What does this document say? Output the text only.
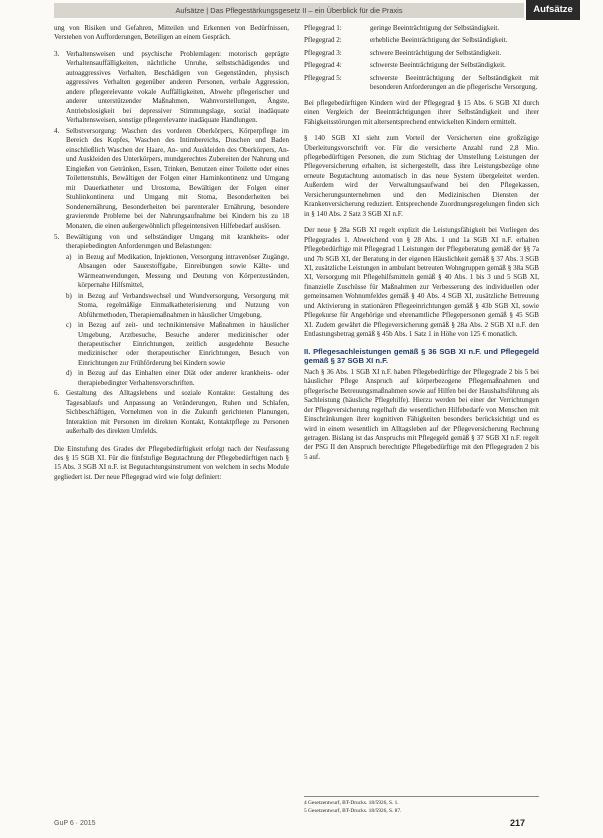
Aufsätze | Das Pflegestärkungsgesetz II – ein Überblick für die Praxis	Aufsätze

ung von Risiken und Gefahren, Mitteilen und Erkennen von Bedürfnissen, Verstehen von Aufforderungen, Beteiligen an einem Gespräch.

3. Verhaltensweisen und psychische Problemlagen: motorisch geprägte Verhaltensauffälligkeiten, nächtliche Unruhe, selbstschädigendes und autoaggressives Verhalten, Beschädigen von Gegenständen, physisch aggressives Verhalten gegenüber anderen Personen, verbale Aggression, andere pflegerelevante vokale Auffälligkeiten, Abwehr pflegerischer und anderer unterstützender Maßnahmen, Wahnvorstellungen, Ängste, Antriebslosigkeit bei depressiver Stimmungslage, sozial inadäquate Verhaltensweisen, sonstige pflegerelevante inadäquate Handlungen.
4. Selbstversorgung: Waschen des vorderen Oberkörpers, Körperpflege im Bereich des Kopfes, Waschen des Intimbereichs, Duschen und Baden einschließlich Waschen der Haare, An- und Auskleiden des Oberkörpers, An- und Auskleiden des Unterkörpers, mundgerechtes Zubereiten der Nahrung und Eingießen von Getränken, Essen, Trinken, Benutzen einer Toilette oder eines Toilettenstuhls, Bewältigen der Folgen einer Harninkontinenz und Umgang mit Dauerkatheter und Urostoma, Bewältigen der Folgen einer Stuhlinkontinenz und Umgang mit Stoma, Besonderheiten bei Sondenernährung, Besonderheiten bei parenteraler Ernährung, besondere gravierende Probleme bei der Nahrungsaufnahme bei Kindern bis zu 18 Monaten, die einen außergewöhnlich pflegeintensiven Hilfebedarf auslösen.
5. Bewältigung von und selbständiger Umgang mit krankheits- oder therapiebedingten Anforderungen und Belastungen:
a) in Bezug auf Medikation, Injektionen, Versorgung intravenöser Zugänge, Absaugen oder Sauerstoffgabe, Einreibungen sowie Kälte- und Wärmeanwendungen, Messung und Deutung von Körperzuständen, körpernahe Hilfsmittel,
b) in Bezug auf Verbandswechsel und Wundversorgung, Versorgung mit Stoma, regelmäßige Einmalkatheterisierung und Nutzung von Abführmethoden, Therapiemaßnahmen in häuslicher Umgebung,
c) in Bezug auf zeit- und technikintensive Maßnahmen in häuslicher Umgebung, Arztbesuche, Besuche anderer medizinischer oder therapeutischer Einrichtungen, zeitlich ausgedehnte Besuche medizinischer oder therapeutischer Einrichtungen, Besuch von Einrichtungen zur Frühförderung bei Kindern sowie
d) in Bezug auf das Einhalten einer Diät oder anderer krankheits- oder therapiebedingter Verhaltensvorschriften.
6. Gestaltung des Alltagslebens und soziale Kontakte: Gestaltung des Tagesablaufs und Anpassung an Veränderungen, Ruhen und Schlafen, Sichbeschäftigen, Vornehmen von in die Zukunft gerichteten Planungen, Interaktion mit Personen im direkten Kontakt, Kontaktpflege zu Personen außerhalb des direkten Umfelds.

Die Einstufung des Grades der Pflegebedürftigkeit erfolgt nach der Neufassung des § 15 SGB XI. Für die fünfstufige Begutachtung der Pflegebedürftigen nach § 15 Abs. 3 SGB XI n.F. ist Begutachtungsinstrument von welchem in sechs Module gegliedert ist. Der neue Pflegegrad wird wie folgt definiert:

Pflegegrad 1:	geringe Beeinträchtigung der Selbständigkeit.
Pflegegrad 2:	erhebliche Beeinträchtigung der Selbständigkeit.
Pflegegrad 3:	schwere Beeinträchtigung der Selbständigkeit.
Pflegegrad 4:	schwerste Beeinträchtigung der Selbständigkeit.
Pflegegrad 5:	schwerste Beeinträchtigung der Selbständigkeit mit besonderen Anforderungen an die pflegerische Versorgung.

Bei pflegebedürftigen Kindern wird der Pflegegrad § 15 Abs. 6 SGB XI durch einen Vergleich der Beeinträchtigungen ihrer Selbständigkeit und ihrer Fähigkeitsstörungen mit altersentsprechend entwickelten Kindern ermittelt.

§ 140 SGB XI sieht zum Vorteil der Versicherten eine großzügige Überleitungsvorschrift vor. Für die versicherte Anzahl rund 2,8 Mio. pflegebedürftigen Personen, die zum Stichtag der Umstellung Leistungen der Pflegeversicherung erhalten, ist sichergestellt, dass ihre Leistungsbezüge ohne erneute Begutachtung automatisch in das neue System übergeleitet werden. Außerdem wird der Verwaltungsaufwand bei den Pflegekassen, Versicherungsunternehmen und den Medizinischen Diensten der Krankenversicherung reduziert. Entsprechende Zuordnungsregelungen finden sich in § 140 Abs. 2 Satz 3 SGB XI n.F.

Der neue § 28a SGB XI regelt explizit die Leistungsfähigkeit bei Vorliegen des Pflegegrades 1. Abweichend von § 28 Abs. 1 und 1a SGB XI n.F. erhalten Pflegebedürftige mit Pflegegrad 1 Leistungen der Pflegeberatung gemäß der §§ 7a und 7b SGB XI, der Beratung in der eigenen Häuslichkeit gemäß § 37 Abs. 3 SGB XI, zusätzliche Leistungen in ambulant betreuten Wohngruppen gemäß § 38a SGB XI, Versorgung mit Pflegehilfsmitteln gemäß § 40 Abs. 1 bis 3 und 5 SGB XI, finanzielle Zuschüsse für Maßnahmen zur Verbesserung des individuellen oder gemeinsamen Wohnumfeldes gemäß § 40 Abs. 4 SGB XI, zusätzliche Betreuung und Aktivierung in stationären Pflegeeinrichtungen gemäß § 43b SGB XI, sowie Pflegekurse für Angehörige und ehrenamtliche Pflegepersonen gemäß § 45 SGB XI. Zudem gewährt die Pflegeversicherung gemäß § 28a Abs. 2 SGB XI n.F. den Entlastungsbetrag gemäß § 45b Abs. 1 Satz 1 in Höhe von 125 € monatlich.

II. Pflegesachleistungen gemäß § 36 SGB XI n.F. und Pflegegeld gemäß § 37 SGB XI n.F.

Nach § 36 Abs. 1 SGB XI n.F. haben Pflegebedürftige der Pflegegrade 2 bis 5 bei häuslicher Pflege Anspruch auf körperbezogene Pflegemaßnahmen und pflegerische Betreuungsmaßnahmen sowie auf Hilfen bei der Haushaltsführung als Sachleistung (häusliche Pflegehilfe). Hierzu werden bei einer der Verrichtungen der Pflegeversicherung regelhaft die wesentlichen Hilfebedarfe von Menschen mit Einschränkungen ihrer kognitiven Fähigkeiten besonders berücksichtigt und es wird in einem wesentlich im Alltagsleben auf der Pflegeversicherung Rechnung getragen. Bislang ist das Anspruchs mit Pflegegeld gemäß § 37 SGB XI n.F. regelt der PSG II den Anspruch berechtigte Pflegebedürftige mit den Pflegegraden 2 bis 5 auf.

4 Gesetzentwurf, BT-Drucks. 18/5926, S. 1.
5 Gesetzentwurf, BT-Drucks. 18/5926, S. 87.
GuP 6 · 2015	217
